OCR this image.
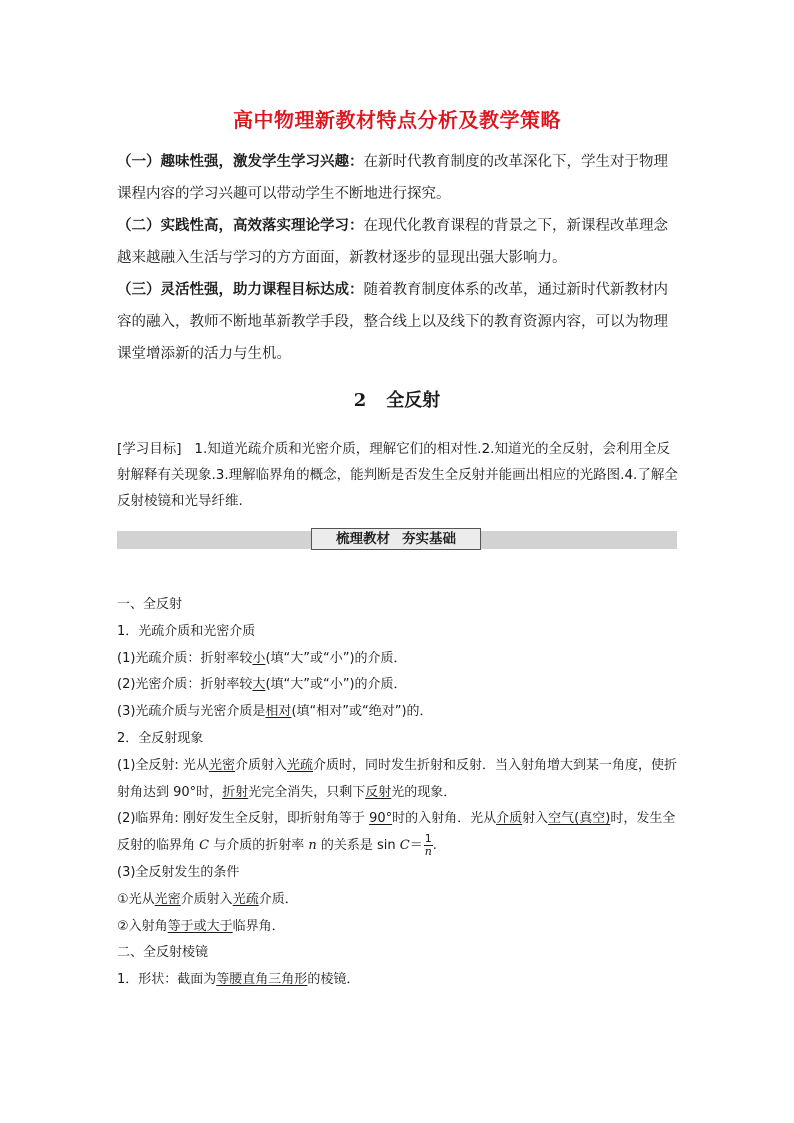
高中物理新教材特点分析及教学策略

（一）趣味性强，激发学生学习兴趣：在新时代教育制度的改革深化下，学生对于物理课程内容的学习兴趣可以带动学生不断地进行探究。

（二）实践性高，高效落实理论学习：在现代化教育课程的背景之下，新课程改革理念越来越融入生活与学习的方方面面，新教材逐步的显现出强大影响力。

（三）灵活性强，助力课程目标达成：随着教育制度体系的改革，通过新时代新教材内容的融入，教师不断地革新教学手段，整合线上以及线下的教育资源内容，可以为物理课堂增添新的活力与生机。

2 全反射

[学习目标] 1.知道光疏介质和光密介质，理解它们的相对性.2.知道光的全反射，会利用全反射解释有关现象.3.理解临界角的概念，能判断是否发生全反射并能画出相应的光路图.4.了解全反射棱镜和光导纤维.

梳理教材 夯实基础

一、全反射

1．光疏介质和光密介质

(1)光疏介质：折射率较小(填“大”或“小”)的介质．

(2)光密介质：折射率较大(填“大”或“小”)的介质．

(3)光疏介质与光密介质是相对(填“相对”或“绝对”)的．

2．全反射现象

(1)全反射: 光从光密介质射入光疏介质时，同时发生折射和反射．当入射角增大到某一角度，使折射角达到 90°时，折射光完全消失，只剩下反射光的现象．

(2)临界角: 刚好发生全反射，即折射角等于 90°时的入射角．光从介质射入空气(真空)时，发生全反射的临界角 C 与介质的折射率 n 的关系是 $\sin C= \frac{1}{n}$ .

(3)全反射发生的条件

①光从光密介质射入光疏介质．

②入射角等于或大于临界角．

二、全反射棱镜

1．形状：截面为等腰直角三角形的棱镜．
